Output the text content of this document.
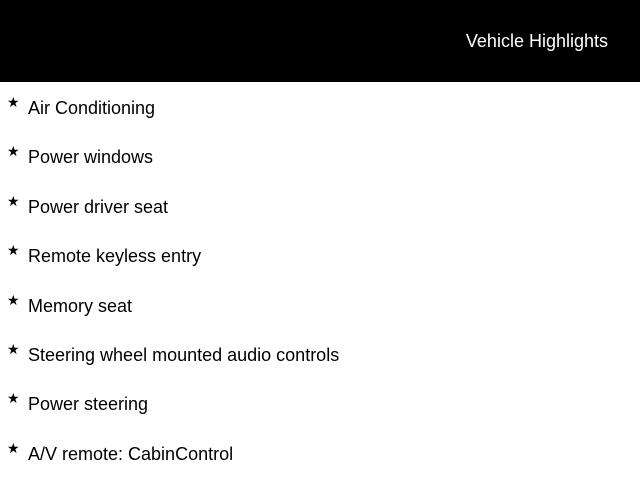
Vehicle Highlights
★ Air Conditioning
★ Power windows
★ Power driver seat
★ Remote keyless entry
★ Memory seat
★ Steering wheel mounted audio controls
★ Power steering
★ A/V remote: CabinControl
